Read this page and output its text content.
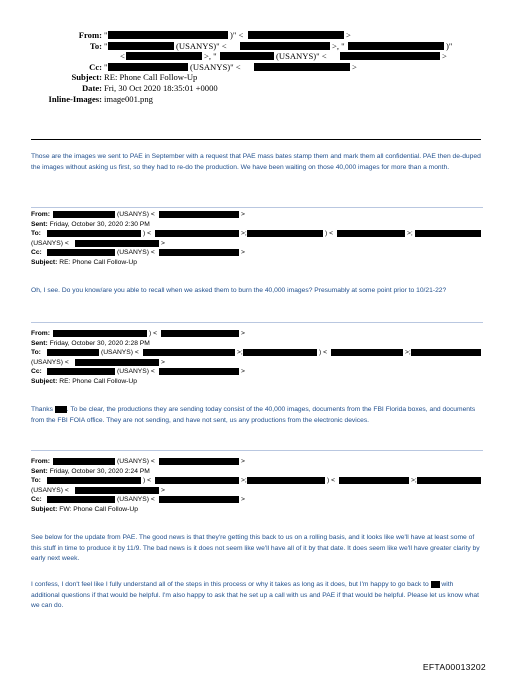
From: "	)" <	>
To: "	(USANYS)" <	>, "	)"
<	>, "	(USANYS)" <	>
Cc: "	(USANYS)" <	>
Subject: RE: Phone Call Follow-Up
Date: Fri, 30 Oct 2020 18:35:01 +0000
Inline-Images: image001.png

Those are the images we sent to PAE in September with a request that PAE mass bates stamp them and mark them all confidential. PAE then de-duped the images without asking us first, so they had to re-do the production. We have been waiting on those 40,000 images for more than a month.

From:	(USANYS) <	>
Sent: Friday, October 30, 2020 2:30 PM
To:	) <	>;	) <	>;
(USANYS) <	>
Cc:	(USANYS) <	>
Subject: RE: Phone Call Follow-Up

Oh, I see. Do you know/are you able to recall when we asked them to burn the 40,000 images? Presumably at some point prior to 10/21-22?

From:	) <	>
Sent: Friday, October 30, 2020 2:28 PM
To:	(USANYS) <	>;	) <	>;
(USANYS) <	>
Cc:	(USANYS) <	>
Subject: RE: Phone Call Follow-Up

Thanks . To be clear, the productions they are sending today consist of the 40,000 images, documents from the FBI Florida boxes, and documents from the FBI FOIA office. They are not sending, and have not sent, us any productions from the electronic devices.

From:	(USANYS) <	>
Sent: Friday, October 30, 2020 2:24 PM
To:	) <	>;	) <	>;
(USANYS) <	>
Cc:	(USANYS) <	>
Subject: FW: Phone Call Follow-Up

See below for the update from PAE. The good news is that they're getting this back to us on a rolling basis, and it looks like we'll have at least some of this stuff in time to produce it by 11/9. The bad news is it does not seem like we'll have all of it by that date. It does seem like we'll have greater clarity by early next week.

I confess, I don't feel like I fully understand all of the steps in this process or why it takes as long as it does, but I'm happy to go back to with additional questions if that would be helpful. I'm also happy to ask that he set up a call with us and PAE if that would be helpful. Please let us know what we can do.

EFTA00013202
